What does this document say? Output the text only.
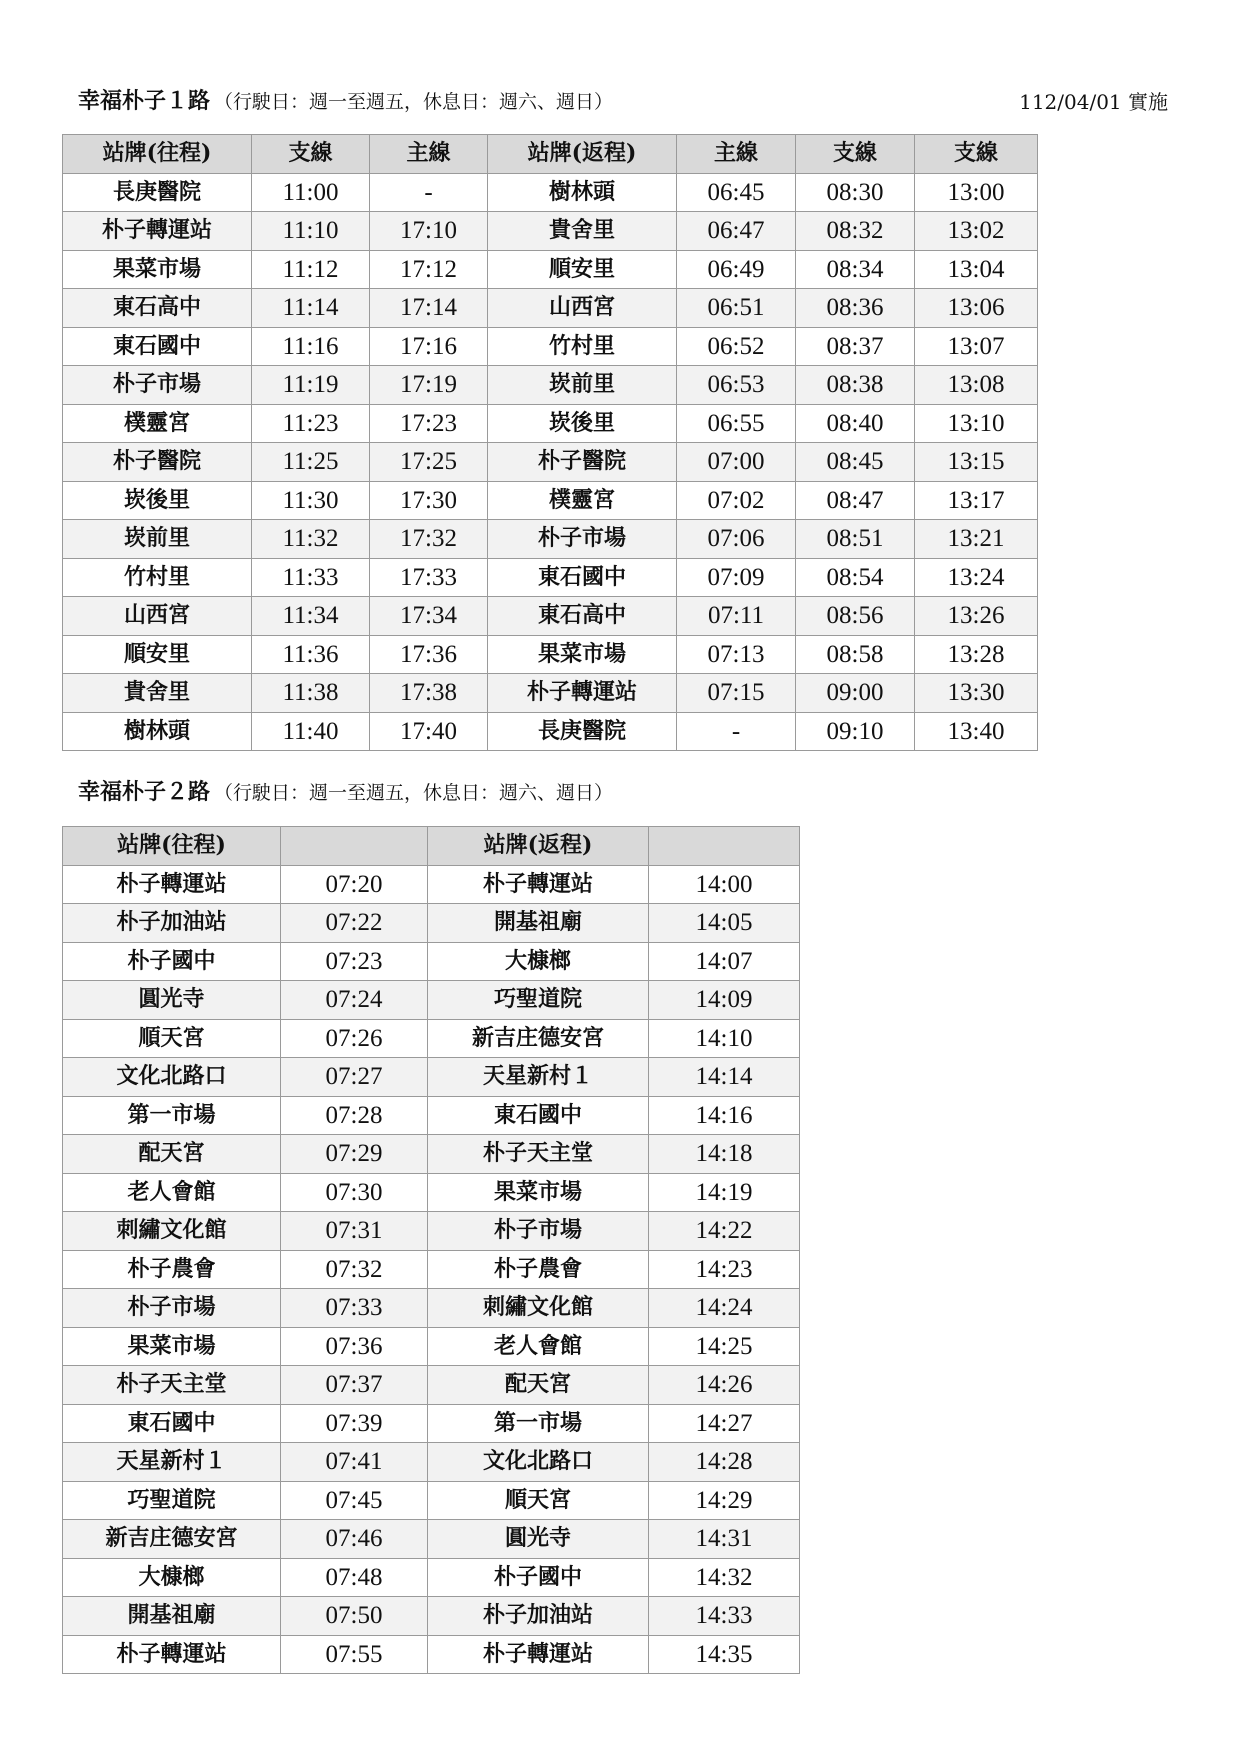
幸福朴子１路 （行駛日：週一至週五，休息日：週六、週日）	112/04/01 實施
站牌(往程)	支線	主線	站牌(返程)	主線	支線	支線
長庚醫院	11:00	-	樹林頭	06:45	08:30	13:00
朴子轉運站	11:10	17:10	貴舍里	06:47	08:32	13:02
果菜市場	11:12	17:12	順安里	06:49	08:34	13:04
東石高中	11:14	17:14	山西宮	06:51	08:36	13:06
東石國中	11:16	17:16	竹村里	06:52	08:37	13:07
朴子市場	11:19	17:19	崁前里	06:53	08:38	13:08
樸靈宮	11:23	17:23	崁後里	06:55	08:40	13:10
朴子醫院	11:25	17:25	朴子醫院	07:00	08:45	13:15
崁後里	11:30	17:30	樸靈宮	07:02	08:47	13:17
崁前里	11:32	17:32	朴子市場	07:06	08:51	13:21
竹村里	11:33	17:33	東石國中	07:09	08:54	13:24
山西宮	11:34	17:34	東石高中	07:11	08:56	13:26
順安里	11:36	17:36	果菜市場	07:13	08:58	13:28
貴舍里	11:38	17:38	朴子轉運站	07:15	09:00	13:30
樹林頭	11:40	17:40	長庚醫院	-	09:10	13:40
幸福朴子２路 （行駛日：週一至週五，休息日：週六、週日）
站牌(往程)		站牌(返程)	
朴子轉運站	07:20	朴子轉運站	14:00
朴子加油站	07:22	開基祖廟	14:05
朴子國中	07:23	大槺榔	14:07
圓光寺	07:24	巧聖道院	14:09
順天宮	07:26	新吉庄德安宮	14:10
文化北路口	07:27	天星新村１	14:14
第一市場	07:28	東石國中	14:16
配天宮	07:29	朴子天主堂	14:18
老人會館	07:30	果菜市場	14:19
刺繡文化館	07:31	朴子市場	14:22
朴子農會	07:32	朴子農會	14:23
朴子市場	07:33	刺繡文化館	14:24
果菜市場	07:36	老人會館	14:25
朴子天主堂	07:37	配天宮	14:26
東石國中	07:39	第一市場	14:27
天星新村１	07:41	文化北路口	14:28
巧聖道院	07:45	順天宮	14:29
新吉庄德安宮	07:46	圓光寺	14:31
大槺榔	07:48	朴子國中	14:32
開基祖廟	07:50	朴子加油站	14:33
朴子轉運站	07:55	朴子轉運站	14:35
